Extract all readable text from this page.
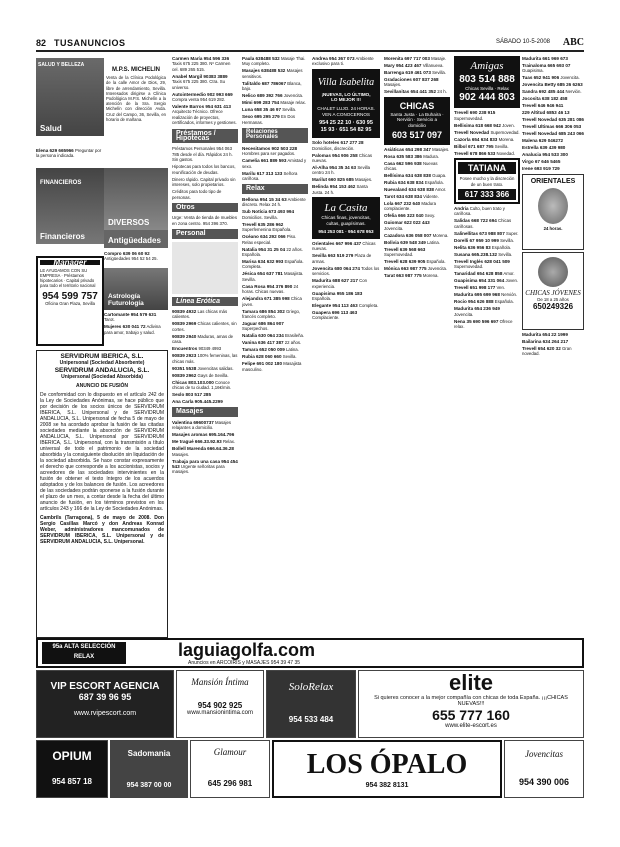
82 TUSANUNCIOS	SÁBADO 10-5-2008 ABC
Salud
SALUD Y BELLEZA

Elena 629 665966 Preguntar por la persona indicada.

Financieros
FINANCIEROS
Manager
LE AYUDAMOS CON SU EMPRESA · Préstamos hipotecarios · Capital privado para todo el territorio nacional
954 599 757
Oficina Gran Plaza, Sevilla
M.P.S. MICHELÍN
Venta de la Clínica Podológica de la calle Amor de Dios, 29, libre de arrendamiento, Sevilla. Interesados dirigirse a Clínica Podológica M.P.S. Michelín a la atención de la Sra. Sergio Michelín con dirección Avda. Cruz del Campo, 36, Sevilla, en horario de mañana.
DIVERSOS
Antigüedades

Compro 639 06 60 92 Antigüedades 954 52 54 25.

Astrología Futurología

Cartomante 954 579 631 Tarot.

Mujeres 630 041 72 Adivina para amor, trabajo y salud.

SERVIDRUM IBERICA, S.L.
Unipersonal (Sociedad Absorbente)
SERVIDRUM ANDALUCIA, S.L.
Unipersonal (Sociedad Absorbida)
ANUNCIO DE FUSIÓN
De conformidad con lo dispuesto en el artículo 242 de la Ley de Sociedades Anónimas, se hace público que por decisión de los socios únicos de SERVIDRUM IBERICA, S.L. Unipersonal y de SERVIDRUM ANDALUCIA, S.L. Unipersonal de fecha 5 de mayo de 2008 se ha acordado aprobar la fusión de las citadas sociedades mediante la absorción de SERVIDRUM ANDALUCIA, S.L. Unipersonal por SERVIDRUM IBERICA, S.L. Unipersonal, con la transmisión a título universal de todo el patrimonio de la sociedad absorbida y la consiguiente disolución sin liquidación de la sociedad absorbida. Se hace constar expresamente el derecho que corresponde a los accionistas, socios y acreedores de las sociedades intervinientes en la fusión de obtener el texto íntegro de los acuerdos adoptados y de los balances de fusión. Los acreedores de las sociedades podrán oponerse a la fusión durante el plazo de un mes, a contar desde la fecha del último anuncio de fusión, en los términos previstos en los artículos 243 y 166 de la Ley de Sociedades Anónimas.
Cambrils (Tarragona), 5 de mayo de 2008. Don Sergio Casillas Marcó y don Andreas Konrad Weber, administradores mancomunados de SERVIDRUM IBERICA, S.L. Unipersonal y de SERVIDRUM ANDALUCIA, S.L. Unipersonal.

Carmen María 954 596 336 Taxis 675 225 380. Nº Carmen cel. 689 265 515.

Anabel Margil 90383 3889 Taxis 675 225 380. Ctra. Su universo.

Autointermedio 902 993 669 Compra venta 954 619 282.

Valente Barros 954 631 413 Arquitecto Técnico. Ofrece realización de proyectos, certificados, informes y gestiones.

Préstamos / Hipotecas

Préstamos Personales 954 063 785 desde el día. Rápidos 24 h. Sin gastos.

Hipotecas para todos los bancos, reunificación de deudas.

Dinero rápido. Capital privado sin intereses, solo propietarios.

Créditos para todo tipo de personas.

Otros

Urge: Venta de tienda de muebles en zona centro. 954 396 370.

Personal
Línea Erótica

90839 4932 Las chicas más calientes.

90839 2969 Chicas calientes, sin cortes.

90839 2940 Maduras, amas de casa.

Encuentros 90349 4993

90839 2923 100% femeninas, las chicas más.

90351 5538 Jovencitas salidas.

90839 2962 Gays de Sevilla.

Chicas 803.103.000 Conoce chicas de tu ciudad. 1,16€/min.

Sexlo 803 517 285

Ana Carla 905.445.2299

Masajes

Valentina 69600737 Masajes relajantes a domicilio.

Masajes aromas 695.164.796

Me tragué 666.33.92.93 Relax.

Bollell Marenda 666.64.36.28 Masajes.

Trabaja para una casa 954 454 543 Urgente señoritas para masajes.

Paula 638488 532 Masaje Thai. Muy completo.

Masajes 638488 532 Masajes sensitivos.

Talitaldo 687 786067 Blanca, bajo.

Nelico 689 392 766 Jovencita.

Mimi 699 283 754 Masaje relax.

Luna 658 35 46 97 Sevilla.

Sexo 695 295 279 En Dos Hermanas.

Relaciones Personales

Necesitamos 902 503 228 Hombres para ser pagados.

Camelia 661 889 593 Amistad y sexo.

Marilu 617 313 133 Señora cariñosa.

Relax

Bellona 954 15 34 63 Ambiente discreto. Relax 24 h.

Sub Notícia 673 493 994 Domicilios. Sevilla.

Trevell 635 286 962 Superfemenina Española.

Océano 634 292 066 Piso. Relax especial.

Natalia 954 31 25 04 22 años. Española.

Marisa 634 632 993 Española. Completa.

Jésica 654 637 781 Masajista. Sevilla.

Casa Rosa 954 376 890 24 horas. Chicas nuevas.

Alejandra 671 385 998 Chica joven.

Tamara 686 854 302 Griego, francés completo.

Jaguar 686 864 907 Superpechos.

Natalia 630 064 234 Brasileña.

Vanina 636 417 387 22 años.

Tamara 652 050 009 Latina.

Rubia 628 060 660 Sevilla.

Felipe 691 002 180 Masajista masculino.

Andrea 954 367 073 Ambiente exclusivo para ti.

Villa Isabelita
¡NUEVAS, LO ÚLTIMO,
LO MEJOR !!!
CHALET LUJO. 24 HORAS. VEN A CONOCERNOS
954 25 22 10 · 630 95 15 93 · 651 54 82 95

Solo hoteles 617 277 28 Domicilios, discreción.

Palomas 954 906 258 Chicas nuevas.

Al-Alha 954 35 34 63 Sevilla centro 24 h.

Marilut 660 825 685 Masajes.

Belinda 954 153 462 Santa Justa. 24 h.

La Casita
Chicas finas, jovencitas, cultas, guapísimas.
954 253 081 · 954 678 953

Orientales 667 996 437 Chicas nuevas.

Sevilla 663 519 279 Plaza de armas.

Jovencita 680 064 274 Todos los servicios.

Madurita 688 627 217 Con experiencia.

Guapisima 955 186 183 Española.

Elegante 954 113 463 Completa.

Guapera 696 113 463 Complaciente.

Morenita 697 717 003 Masaje.

Mary 954 423 467 Villanueva.

Barrenga 619 461 073 Sevilla.

Gradaciones 607 837 268 Masajes.

Sevillanitas 654 441 352 24 h.

CHICAS
Santa Justa · La Buhaira · Nervión · Servicio a domicilio
603 517 097

Asiáticas 654 298 347 Masajes.

Rosa 635 583 386 Madura.

Casa 662 596 938 Nuevas chicas.

Bellísima 634 638 838 Guapa.

Rubia 634 638 834 Española.

Nuevaland 634 638 838 Amor.

Tarot 634 638 834 Vidente.

Lola 667 232 640 Madura complaciente.

Ofelia 666 323 040 Sexy.

Guiomar 622 022 443 Jovencita.

Cazadora 636 058 007 Morena.

Bolivia 639 548 349 Latina.

Trevell 639 568 663 Supernovedad.

Trevell 628 639 905 Española.

Mónica 663 987 775 Jovencita.

Tarat 663 987 775 Morena.

Amigas
803 514 888
Chicas Sevilla · Relax
902 444 803

Trevell 690 238 915 Supernovedad.

Bellisima 618 668 942 Joven.

Trevell Novedad Supernovedad.

Cazorla 654 634 833 Morena.

Bilbol 671 687 795 Sevilla.

Trevell 678 866 533 Novedad.

TATIANA
Posee mucho y la discreción de un buen trato.
617 333 366

Andria Culto, buen trato y cariñosa.

Salidas 668 722 694 Chicas cariñosas.

Salinellitas 673 988 807 Super.

Dorelli 67 959 10 999 Sevilla.

Nelita 636 956 83 Española.

Susana 665.238.132 Sevilla.

Trevell Inglés 628 041 509 Supernovedad.

Tanaridad 654 628 858 Amor.

Guapisima 654 331 064 Joven.

Trevell 651 998 177 Ven.

Madurita 695 699 968 Nervión.

Rocio 954 626 888 Española.

Madurita 654 236 949 Jovencita.

Nena 35 690 596 697 Ofrece relax.

Madurita 661 969 673

Trainaloma 665 693 07 Guapisima.

Tuas 652 941 906 Jovencita.

Jovencita Betty 685 26 6263

Sandra 692 485 444 Nervión.

Jocosita 638 182 458

Trevell 646 946 941

229 Altitud 6853 46 13

Trevell Novedad 635 281 086

Trevell Ultimas 666 306 053

Trevell Novedad 685 243 066

Malena 629 046272

Estrella 639 439 980

Analucia 954 533 300

Virgo 67 646 5465

Irene 693 919 729

ORIENTALES
24 horas.
CHICAS JÓVENES
De 18 a 25 años
650249326

Madurita 654 22 1999

Bailarina 634 264 217

Trevell 654 620 32 Gran novedad.

95a ALTA SELECCIÓN RELAX	laguiagolfa.com
Anuncios en ARCOIRIS y MASAJES 954 39 47 35
VIP ESCORT AGENCIA
687 39 96 95
www.rvipescort.com
Mansión Íntima
954 902 925
www.mansionintima.com
SoloRelax
954 533 484
elite
Si quieres conocer a la mejor compañía con chicas de toda España. ¡¡¡CHICAS NUEVAS!!!
655 777 160
www.elite-escort.es
OPIUM
954 857 18
Sadomania
954 387 00 00
Glamour
645 296 981
LOS ÓPALO
954 382 8131
Jovencitas
954 390 006
